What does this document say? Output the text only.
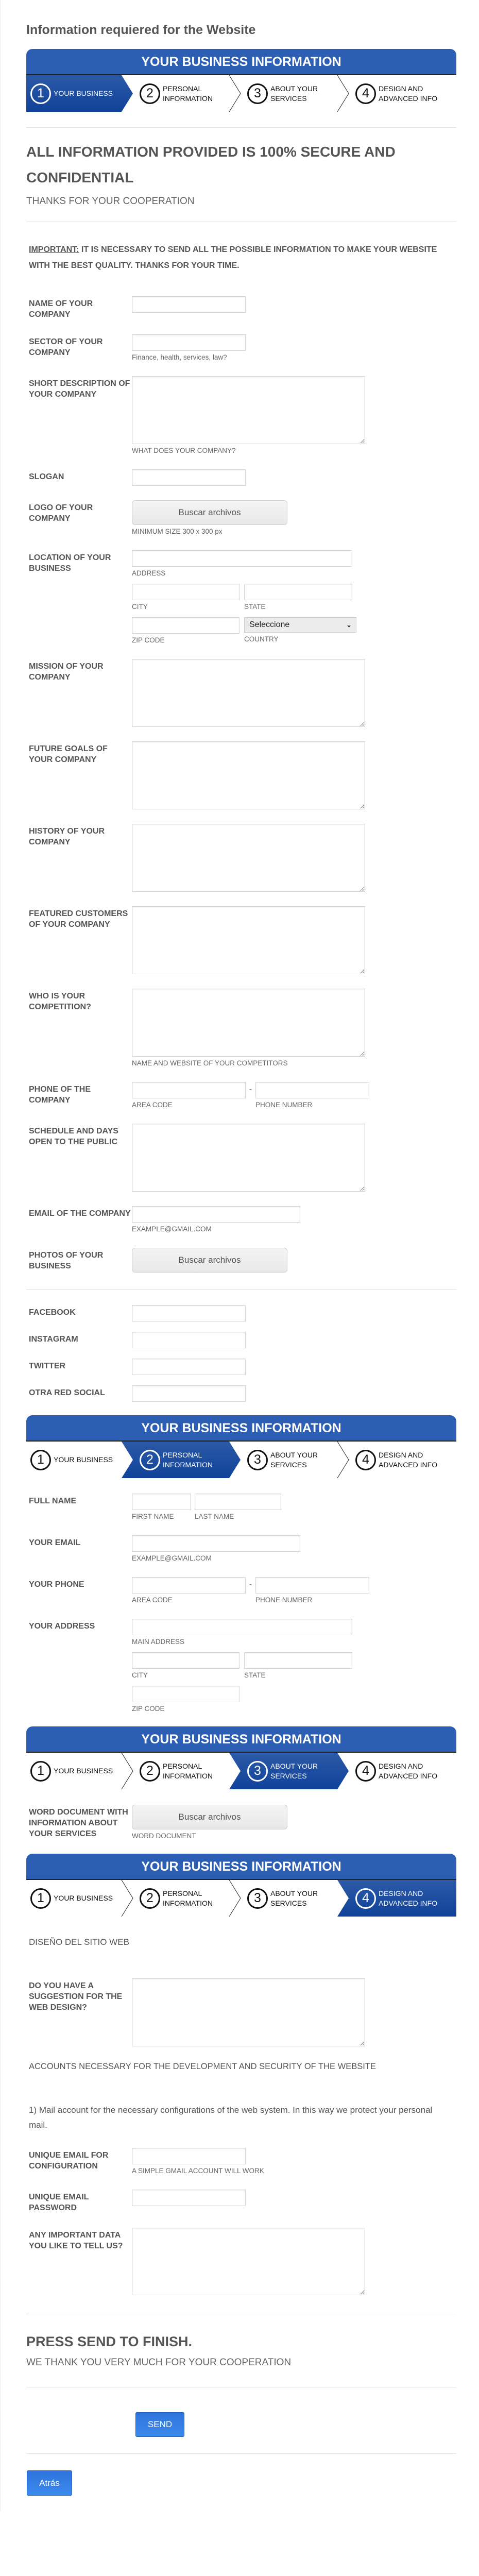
Information requiered for the Website
YOUR BUSINESS INFORMATION
1	YOUR BUSINESS	2	PERSONAL INFORMATION	3	ABOUT YOUR SERVICES	4	DESIGN AND ADVANCED INFO
ALL INFORMATION PROVIDED IS 100% SECURE AND CONFIDENTIAL
THANKS FOR YOUR COOPERATION
IMPORTANT: IT IS NECESSARY TO SEND ALL THE POSSIBLE INFORMATION TO MAKE YOUR WEBSITE WITH THE BEST QUALITY. THANKS FOR YOUR TIME.
NAME OF YOUR COMPANY
SECTOR OF YOUR COMPANY
Finance, health, services, law?
SHORT DESCRIPTION OF YOUR COMPANY
WHAT DOES YOUR COMPANY?
SLOGAN
LOGO OF YOUR COMPANY
Buscar archivos
MINIMUM SIZE 300 x 300 px
LOCATION OF YOUR BUSINESS
ADDRESS
CITY	STATE
ZIP CODE
Seleccione	⌄
COUNTRY
MISSION OF YOUR COMPANY
FUTURE GOALS OF YOUR COMPANY
HISTORY OF YOUR COMPANY
FEATURED CUSTOMERS OF YOUR COMPANY
WHO IS YOUR COMPETITION?
NAME AND WEBSITE OF YOUR COMPETITORS
PHONE OF THE COMPANY
AREA CODE
-
PHONE NUMBER
SCHEDULE AND DAYS OPEN TO THE PUBLIC
EMAIL OF THE COMPANY
EXAMPLE@GMAIL.COM
PHOTOS OF YOUR BUSINESS
Buscar archivos
FACEBOOK
INSTAGRAM
TWITTER
OTRA RED SOCIAL
YOUR BUSINESS INFORMATION
1	YOUR BUSINESS	2	PERSONAL INFORMATION	3	ABOUT YOUR SERVICES	4	DESIGN AND ADVANCED INFO
FULL NAME
FIRST NAME	LAST NAME
YOUR EMAIL
EXAMPLE@GMAIL.COM
YOUR PHONE
AREA CODE
-
PHONE NUMBER
YOUR ADDRESS
MAIN ADDRESS
CITY	STATE
ZIP CODE
YOUR BUSINESS INFORMATION
1	YOUR BUSINESS	2	PERSONAL INFORMATION	3	ABOUT YOUR SERVICES	4	DESIGN AND ADVANCED INFO
WORD DOCUMENT WITH INFORMATION ABOUT YOUR SERVICES
Buscar archivos
WORD DOCUMENT
YOUR BUSINESS INFORMATION
1	YOUR BUSINESS	2	PERSONAL INFORMATION	3	ABOUT YOUR SERVICES	4	DESIGN AND ADVANCED INFO
DISEÑO DEL SITIO WEB
DO YOU HAVE A SUGGESTION FOR THE WEB DESIGN?
ACCOUNTS NECESSARY FOR THE DEVELOPMENT AND SECURITY OF THE WEBSITE
1) Mail account for the necessary configurations of the web system. In this way we protect your personal mail.
UNIQUE EMAIL FOR CONFIGURATION
A SIMPLE GMAIL ACCOUNT WILL WORK
UNIQUE EMAIL PASSWORD
ANY IMPORTANT DATA YOU LIKE TO TELL US?
PRESS SEND TO FINISH.
WE THANK YOU VERY MUCH FOR YOUR COOPERATION
SEND
Atrás
